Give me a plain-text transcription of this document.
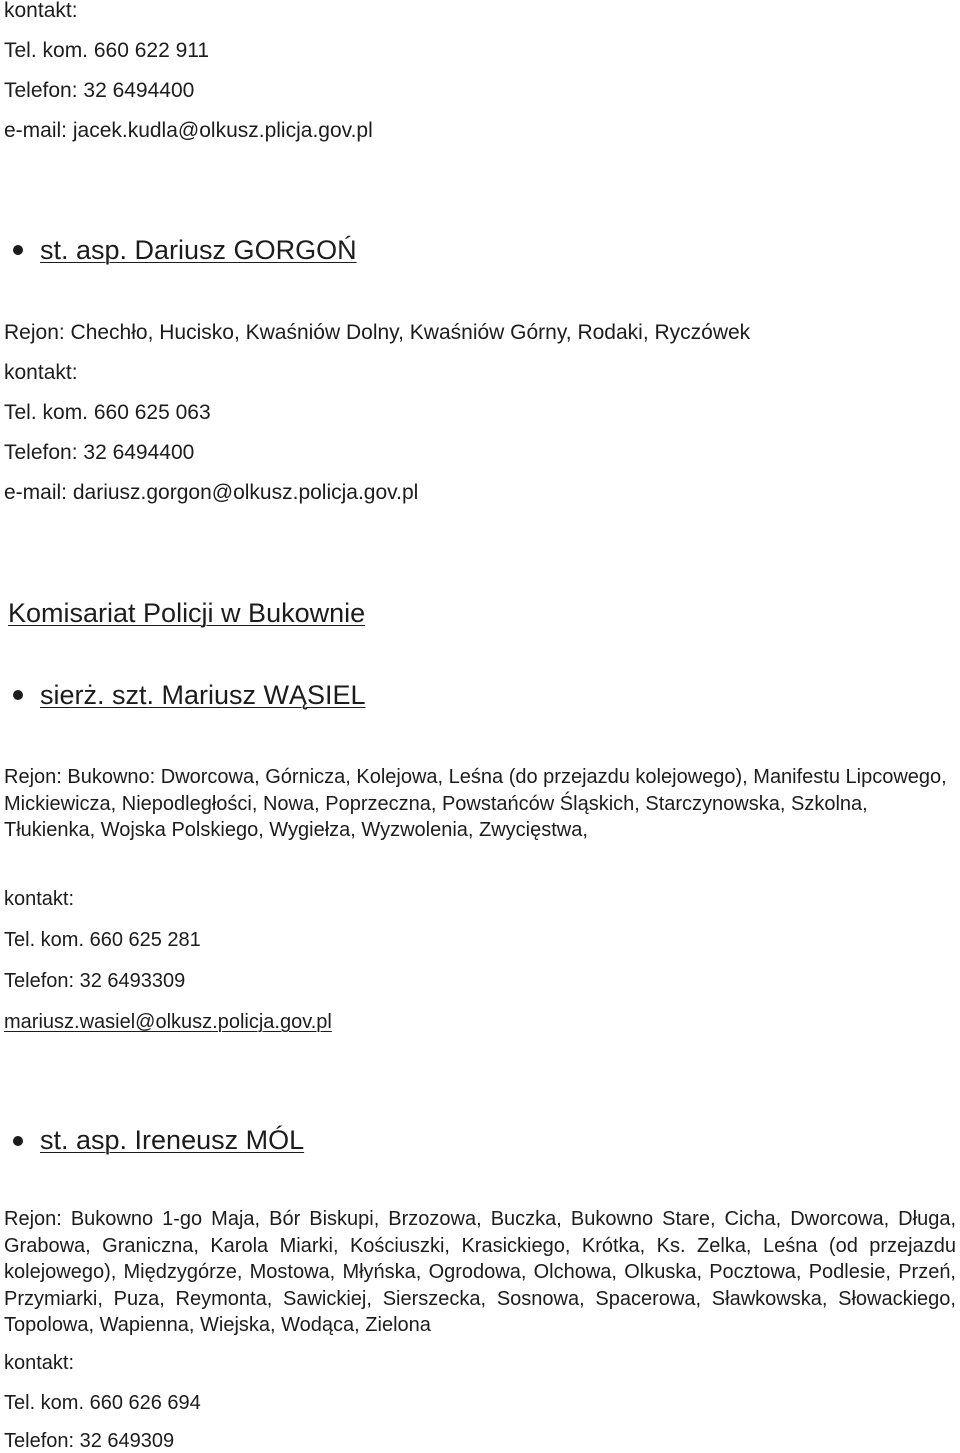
kontakt:
Tel. kom. 660 622 911
Telefon: 32 6494400
e-mail: jacek.kudla@olkusz.plicja.gov.pl
st. asp. Dariusz GORGOŃ
Rejon: Chechło, Hucisko, Kwaśniów Dolny, Kwaśniów Górny, Rodaki, Ryczówek
kontakt:
Tel. kom. 660 625 063
Telefon: 32 6494400
e-mail: dariusz.gorgon@olkusz.policja.gov.pl
Komisariat Policji w Bukownie
sierż. szt. Mariusz WĄSIEL
Rejon: Bukowno: Dworcowa, Górnicza, Kolejowa, Leśna (do przejazdu kolejowego), Manifestu Lipcowego, Mickiewicza, Niepodległości, Nowa, Poprzeczna, Powstańców Śląskich, Starczynowska, Szkolna, Tłukienka, Wojska Polskiego, Wygiełza, Wyzwolenia, Zwycięstwa,
kontakt:
Tel. kom. 660 625 281
Telefon: 32 6493309
mariusz.wasiel@olkusz.policja.gov.pl
st. asp. Ireneusz MÓL
Rejon: Bukowno 1-go Maja, Bór Biskupi, Brzozowa, Buczka, Bukowno Stare, Cicha, Dworcowa, Długa, Grabowa, Graniczna, Karola Miarki, Kościuszki, Krasickiego, Krótka, Ks. Zelka, Leśna (od przejazdu kolejowego), Międzygórze, Mostowa, Młyńska, Ogrodowa, Olchowa, Olkuska, Pocztowa, Podlesie, Przeń, Przymiarki, Puza, Reymonta, Sawickiej, Sierszecka, Sosnowa, Spacerowa, Sławkowska, Słowackiego, Topolowa, Wapienna, Wiejska, Wodąca, Zielona
kontakt:
Tel. kom. 660 626 694
Telefon: 32 649309
